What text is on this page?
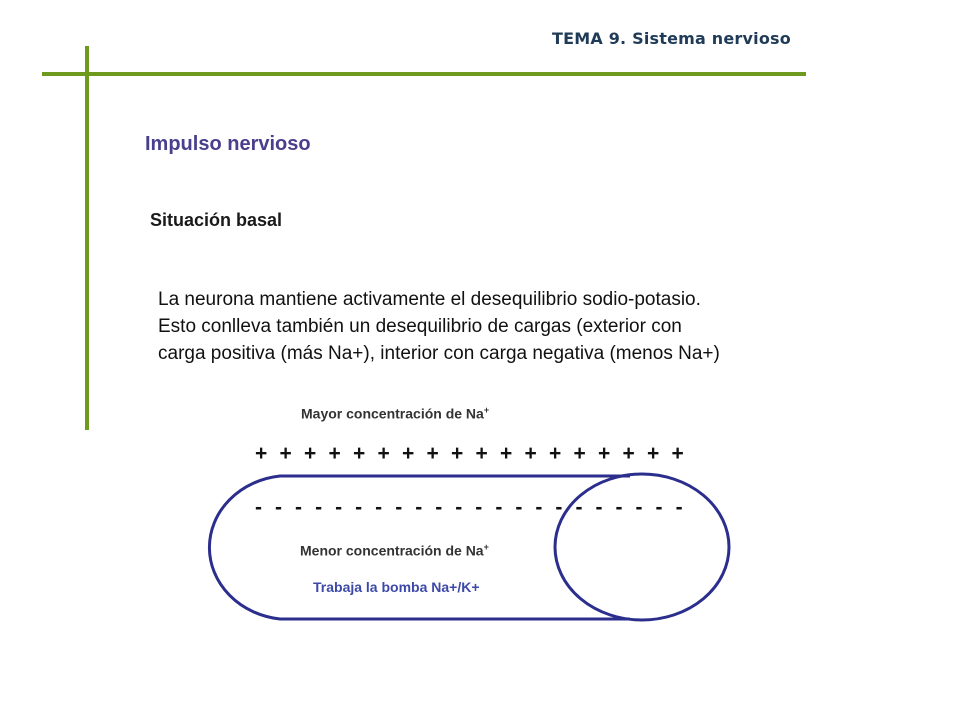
TEMA 9. Sistema nervioso
Impulso nervioso
Situación basal

La neurona mantiene activamente el desequilibrio sodio-potasio.

Esto conlleva también un desequilibrio de cargas (exterior con

carga positiva (más Na+), interior con carga negativa (menos Na+)

Mayor concentración de Na+
+ + + + + + + + + + + + + + + + + +
- - - - - - - - - - - - - - - - - - - - - -
Menor concentración de Na+
Trabaja la bomba Na+/K+
